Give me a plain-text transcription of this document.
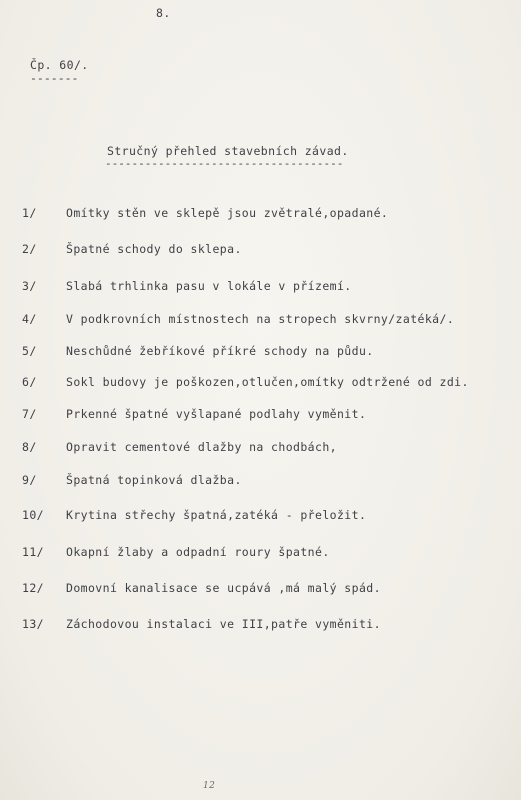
8.
Čp. 60/.
-------
Stručný přehled stavebních závad.
------------------------------------
1/	Omítky stěn ve sklepě jsou zvětralé,opadané.
2/	Špatné schody do sklepa.
3/	Slabá trhlinka pasu v lokále v přízemí.
4/	V podkrovních místnostech na stropech skvrny/zatéká/.
5/	Neschůdné žebříkové příkré schody na půdu.
6/	Sokl budovy je poškozen,otlučen,omítky odtržené od zdi.
7/	Prkenné špatné vyšlapané podlahy vyměnit.
8/	Opravit cementové dlažby na chodbách,
9/	Špatná topinková dlažba.
10/ Krytina střechy špatná,zatéká - přeložit.
11/ Okapní žlaby a odpadní roury špatné.
12/ Domovní kanalisace se ucpává ,má malý spád.
13/ Záchodovou instalaci ve III,patře vyměniti.
12
